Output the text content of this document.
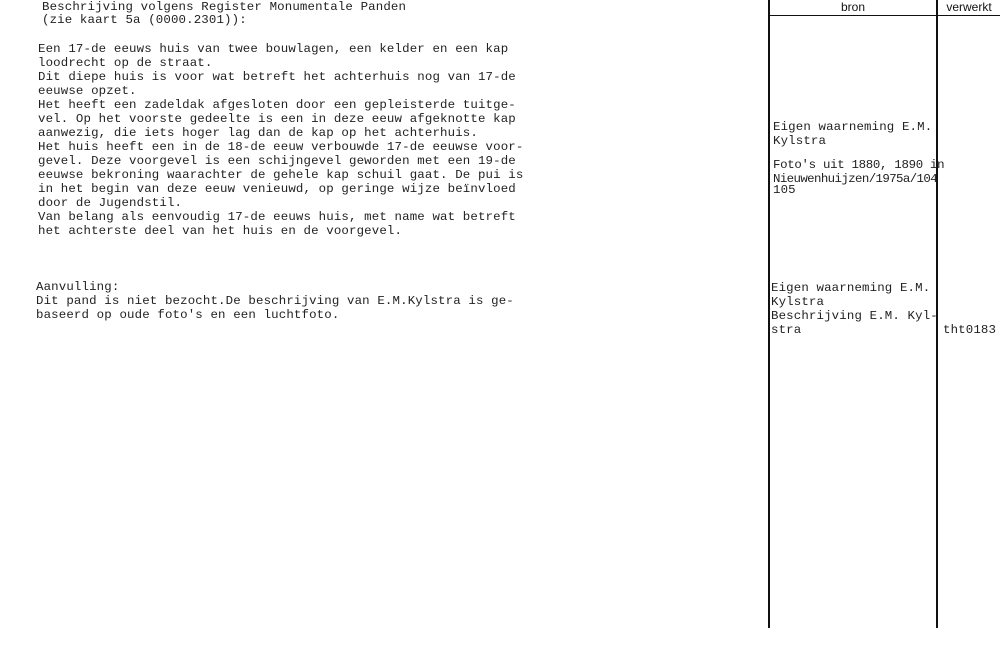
Beschrijving volgens Register Monumentale Panden
(zie kaart 5a (0000.2301)):
Een 17-de eeuws huis van twee bouwlagen, een kelder en een kap
loodrecht op de straat.
Dit diepe huis is voor wat betreft het achterhuis nog van 17-de
eeuwse opzet.
Het heeft een zadeldak afgesloten door een gepleisterde tuitge-
vel. Op het voorste gedeelte is een in deze eeuw afgeknotte kap
aanwezig, die iets hoger lag dan de kap op het achterhuis.
Het huis heeft een in de 18-de eeuw verbouwde 17-de eeuwse voor-
gevel. Deze voorgevel is een schijngevel geworden met een 19-de
eeuwse bekroning waarachter de gehele kap schuil gaat. De pui is
in het begin van deze eeuw venieuwd, op geringe wijze beïnvloed
door de Jugendstil.
Van belang als eenvoudig 17-de eeuws huis, met name wat betreft
het achterste deel van het huis en de voorgevel.
Aanvulling:
Dit pand is niet bezocht.De beschrijving van E.M.Kylstra is ge-
baseerd op oude foto's en een luchtfoto.
bron	verwerkt
Eigen waarneming E.M.
Kylstra
Foto's uit 1880, 1890 in
Nieuwenhuijzen/1975a/104
105
Eigen waarneming E.M.
Kylstra
Beschrijving E.M. Kyl-
stra	tht0183
